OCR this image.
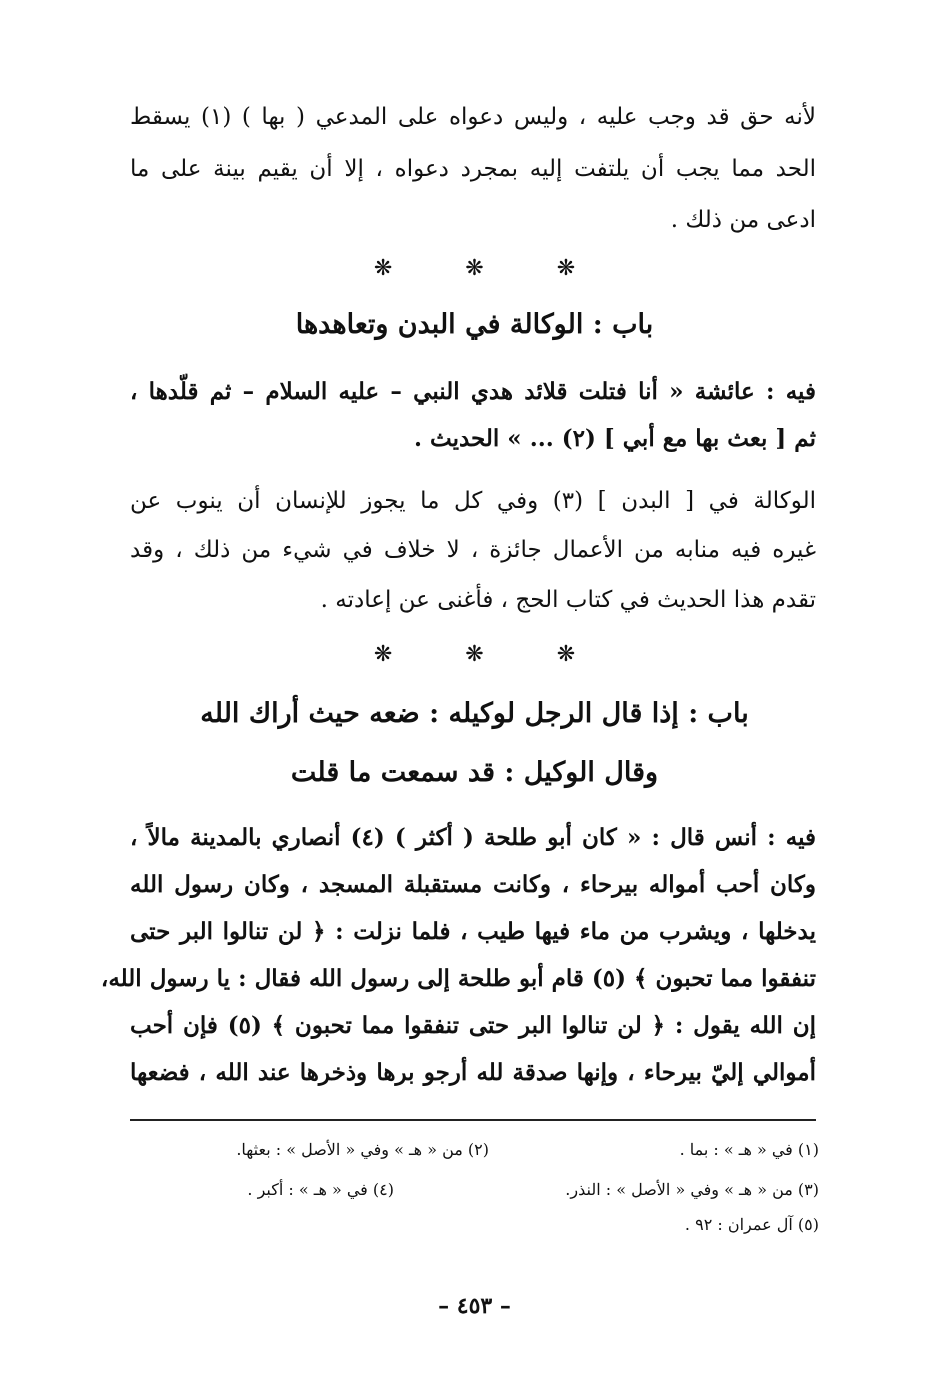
لأنه حق قد وجب عليه ، وليس دعواه على المدعي ( بها ) (١) يسقط
الحد مما يجب أن يلتفت إليه بمجرد دعواه ، إلا أن يقيم بينة على ما
ادعى من ذلك .
❋	❋	❋
باب : الوكالة في البدن وتعاهدها
فيه : عائشة « أنا فتلت قلائد هدي النبي – عليه السلام – ثم قلّدها ،
ثم [ بعث بها مع أبي ] (٢) ... » الحديث .
الوكالة في [ البدن ] (٣) وفي كل ما يجوز للإنسان أن ينوب عن
غيره فيه منابه من الأعمال جائزة ، لا خلاف في شيء من ذلك ، وقد
تقدم هذا الحديث في كتاب الحج ، فأغنى عن إعادته .
❋	❋	❋
باب : إذا قال الرجل لوكيله : ضعه حيث أراك الله
وقال الوكيل : قد سمعت ما قلت
فيه : أنس قال : « كان أبو طلحة ( أكثر ) (٤) أنصاري بالمدينة مالاً ،
وكان أحب أمواله بيرحاء ، وكانت مستقبلة المسجد ، وكان رسول الله
يدخلها ، ويشرب من ماء فيها طيب ، فلما نزلت : ﴿ لن تنالوا البر حتى
تنفقوا مما تحبون ﴾ (٥) قام أبو طلحة إلى رسول الله فقال : يا رسول الله،
إن الله يقول : ﴿ لن تنالوا البر حتى تنفقوا مما تحبون ﴾ (٥) فإن أحب
أموالي إليّ بيرحاء ، وإنها صدقة لله أرجو برها وذخرها عند الله ، فضعها
(١) في « هـ » : بما .
(٢) من « هـ » وفي « الأصل » : بعثها.
(٣) من « هـ » وفي « الأصل » : النذر.
(٤) في « هـ » : أكبر .
(٥) آل عمران : ٩٢ .
– ٤٥٣ –
